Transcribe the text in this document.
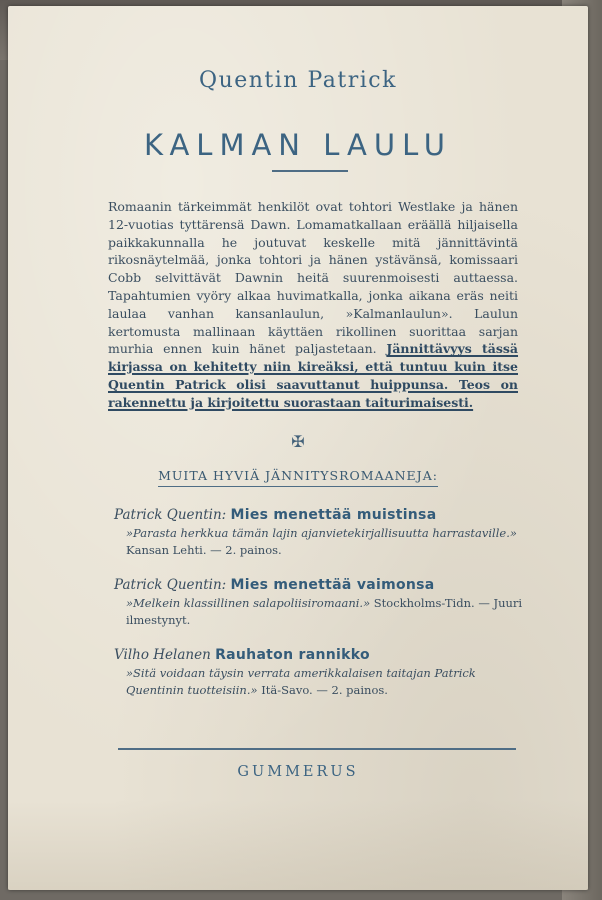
Quentin Patrick
KALMAN LAULU

Romaanin tärkeimmät henkilöt ovat tohtori Westlake ja hänen 12-vuotias tyttärensä Dawn. Lomamatkallaan eräällä hiljaisella paikkakunnalla he joutuvat keskelle mitä jännittävintä rikosnäytelmää, jonka tohtori ja hänen ystävänsä, komissaari Cobb selvittävät Dawnin heitä suurenmoisesti auttaessa. Tapahtumien vyöry alkaa huvimatkalla, jonka aikana eräs neiti laulaa vanhan kansanlaulun, »Kalmanlaulun». Laulun kertomusta mallinaan käyttäen rikollinen suorittaa sarjan murhia ennen kuin hänet paljastetaan. Jännittävyys tässä kirjassa on kehitetty niin kireäksi, että tuntuu kuin itse Quentin Patrick olisi saavuttanut huippunsa. Teos on rakennettu ja kirjoitettu suorastaan taiturimaisesti.

✠
MUITA HYVIÄ JÄNNITYSROMAANEJA:
Patrick Quentin: Mies menettää muistinsa

»Parasta herkkua tämän lajin ajanvietekirjallisuutta harrastaville.» Kansan Lehti. — 2. painos.

Patrick Quentin: Mies menettää vaimonsa

»Melkein klassillinen salapoliisiromaani.» Stockholms-Tidn. — Juuri ilmestynyt.

Vilho Helanen Rauhaton rannikko

»Sitä voidaan täysin verrata amerikkalaisen taitajan Patrick Quentinin tuotteisiin.» Itä-Savo. — 2. painos.

GUMMERUS
